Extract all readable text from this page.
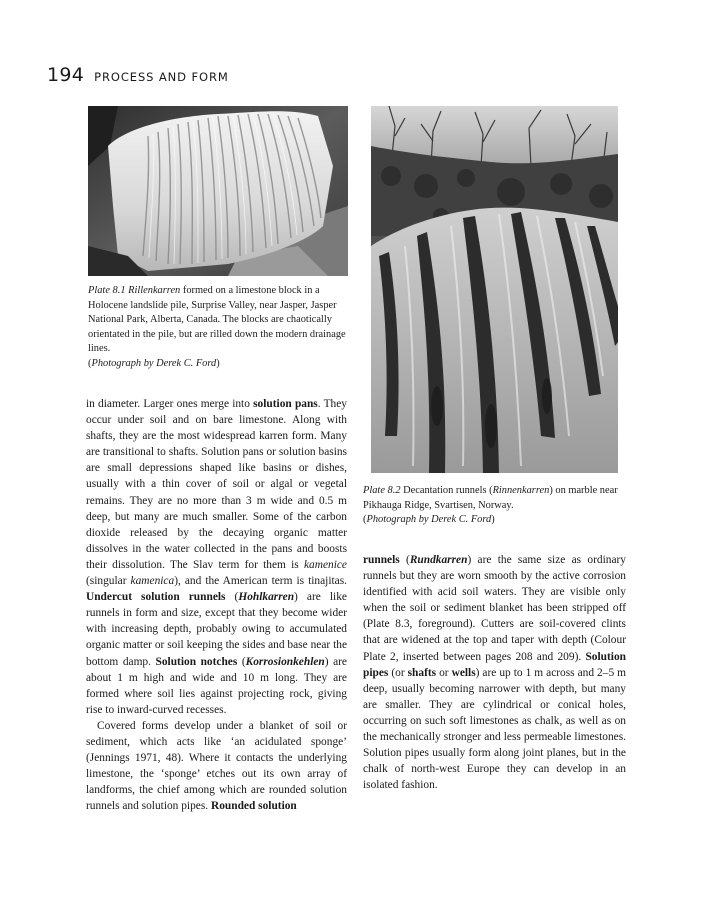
194 PROCESS AND FORM
Plate 8.1 Rillenkarren formed on a limestone block in a Holocene landslide pile, Surprise Valley, near Jasper, Jasper National Park, Alberta, Canada. The blocks are chaotically orientated in the pile, but are rilled down the modern drainage lines.
(Photograph by Derek C. Ford)
Plate 8.2 Decantation runnels (Rinnenkarren) on marble near Pikhauga Ridge, Svartisen, Norway.
(Photograph by Derek C. Ford)

in diameter. Larger ones merge into solution pans. They occur under soil and on bare limestone. Along with shafts, they are the most widespread karren form. Many are transitional to shafts. Solution pans or solution basins are small depressions shaped like basins or dishes, usually with a thin cover of soil or algal or vegetal remains. They are no more than 3 m wide and 0.5 m deep, but many are much smaller. Some of the carbon dioxide released by the decaying organic matter dissolves in the water collected in the pans and boosts their dissolution. The Slav term for them is kamenice (singular kamenica), and the American term is tinajitas. Undercut solution runnels (Hohlkarren) are like runnels in form and size, except that they become wider with increasing depth, probably owing to accumulated organic matter or soil keeping the sides and base near the bottom damp. Solution notches (Korrosionkehlen) are about 1 m high and wide and 10 m long. They are formed where soil lies against projecting rock, giving rise to inward-curved recesses.

Covered forms develop under a blanket of soil or sediment, which acts like ‘an acidulated sponge’ (Jennings 1971, 48). Where it contacts the underlying limestone, the ‘sponge’ etches out its own array of landforms, the chief among which are rounded solution runnels and solution pipes. Rounded solution

runnels (Rundkarren) are the same size as ordinary runnels but they are worn smooth by the active corrosion identified with acid soil waters. They are visible only when the soil or sediment blanket has been stripped off (Plate 8.3, foreground). Cutters are soil-covered clints that are widened at the top and taper with depth (Colour Plate 2, inserted between pages 208 and 209). Solution pipes (or shafts or wells) are up to 1 m across and 2–5 m deep, usually becoming narrower with depth, but many are smaller. They are cylindrical or conical holes, occurring on such soft limestones as chalk, as well as on the mechanically stronger and less permeable limestones. Solution pipes usually form along joint planes, but in the chalk of north-west Europe they can develop in an isolated fashion.
